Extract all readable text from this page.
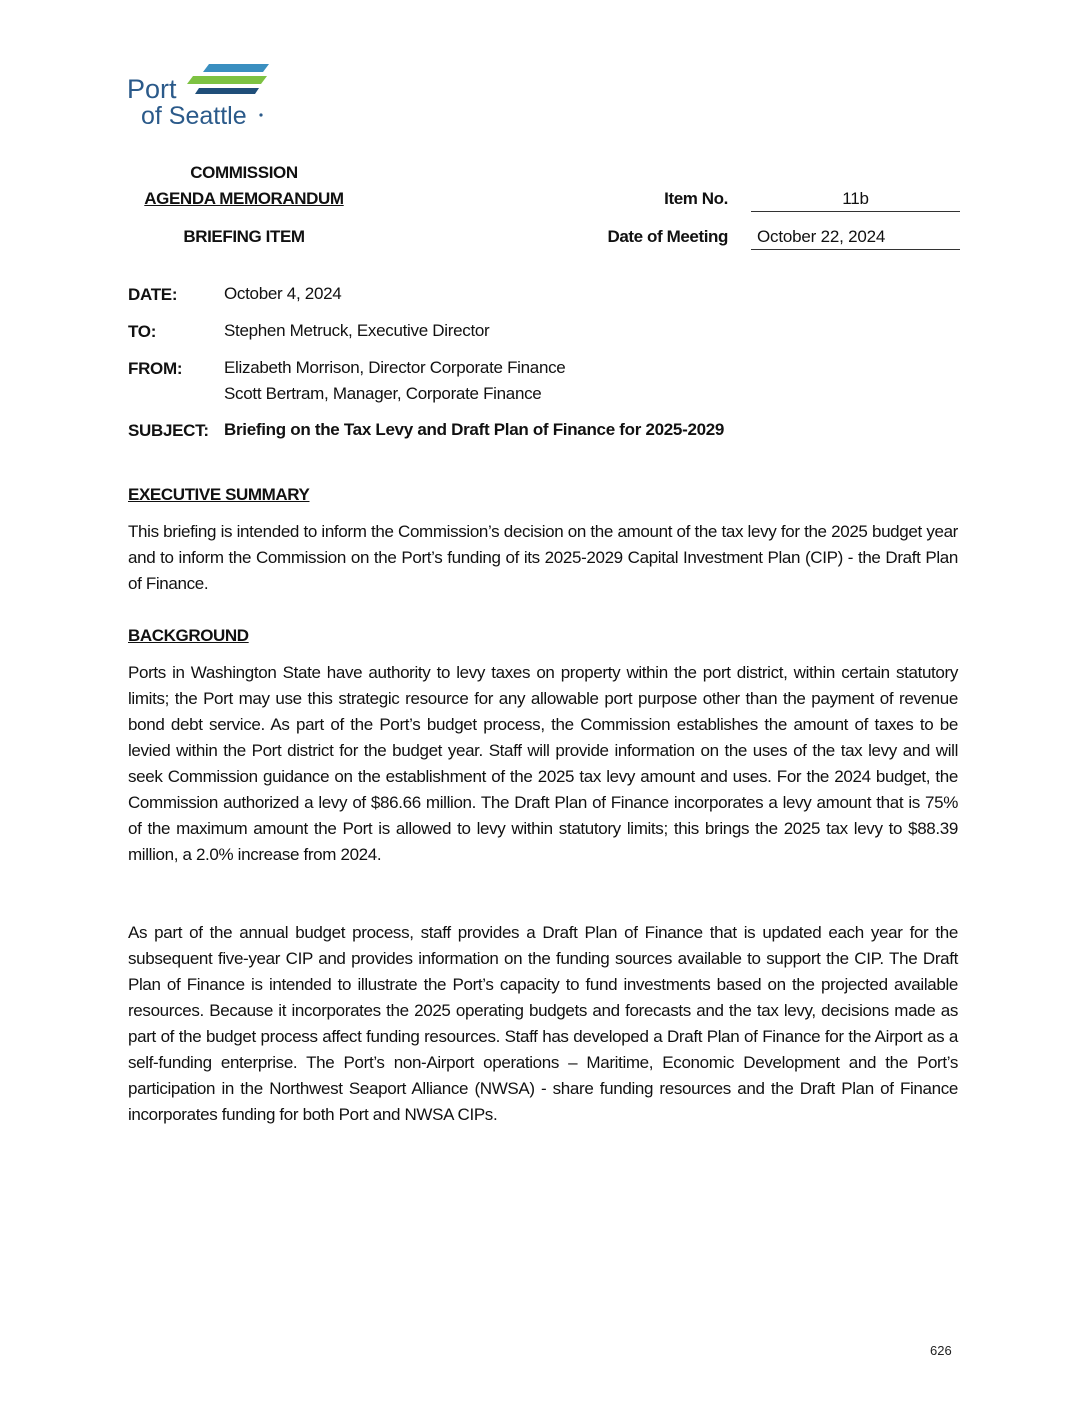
Port
of Seattle
COMMISSION
AGENDA MEMORANDUM
BRIEFING ITEM
Item No.	11b
Date of Meeting	October 22, 2024
DATE:	October 4, 2024
TO:	Stephen Metruck, Executive Director
FROM: Elizabeth Morrison, Director Corporate Finance
Scott Bertram, Manager, Corporate Finance
SUBJECT: Briefing on the Tax Levy and Draft Plan of Finance for 2025-2029
EXECUTIVE SUMMARY
This briefing is intended to inform the Commission’s decision on the amount of the tax levy for the 2025 budget year and to inform the Commission on the Port’s funding of its 2025-2029 Capital Investment Plan (CIP) - the Draft Plan of Finance.
BACKGROUND
Ports in Washington State have authority to levy taxes on property within the port district, within certain statutory limits; the Port may use this strategic resource for any allowable port purpose other than the payment of revenue bond debt service. As part of the Port’s budget process, the Commission establishes the amount of taxes to be levied within the Port district for the budget year. Staff will provide information on the uses of the tax levy and will seek Commission guidance on the establishment of the 2025 tax levy amount and uses. For the 2024 budget, the Commission authorized a levy of $86.66 million. The Draft Plan of Finance incorporates a levy amount that is 75% of the maximum amount the Port is allowed to levy within statutory limits; this brings the 2025 tax levy to $88.39 million, a 2.0% increase from 2024.
As part of the annual budget process, staff provides a Draft Plan of Finance that is updated each year for the subsequent five-year CIP and provides information on the funding sources available to support the CIP. The Draft Plan of Finance is intended to illustrate the Port’s capacity to fund investments based on the projected available resources. Because it incorporates the 2025 operating budgets and forecasts and the tax levy, decisions made as part of the budget process affect funding resources. Staff has developed a Draft Plan of Finance for the Airport as a self-funding enterprise. The Port’s non-Airport operations – Maritime, Economic Development and the Port’s participation in the Northwest Seaport Alliance (NWSA) - share funding resources and the Draft Plan of Finance incorporates funding for both Port and NWSA CIPs.
626
